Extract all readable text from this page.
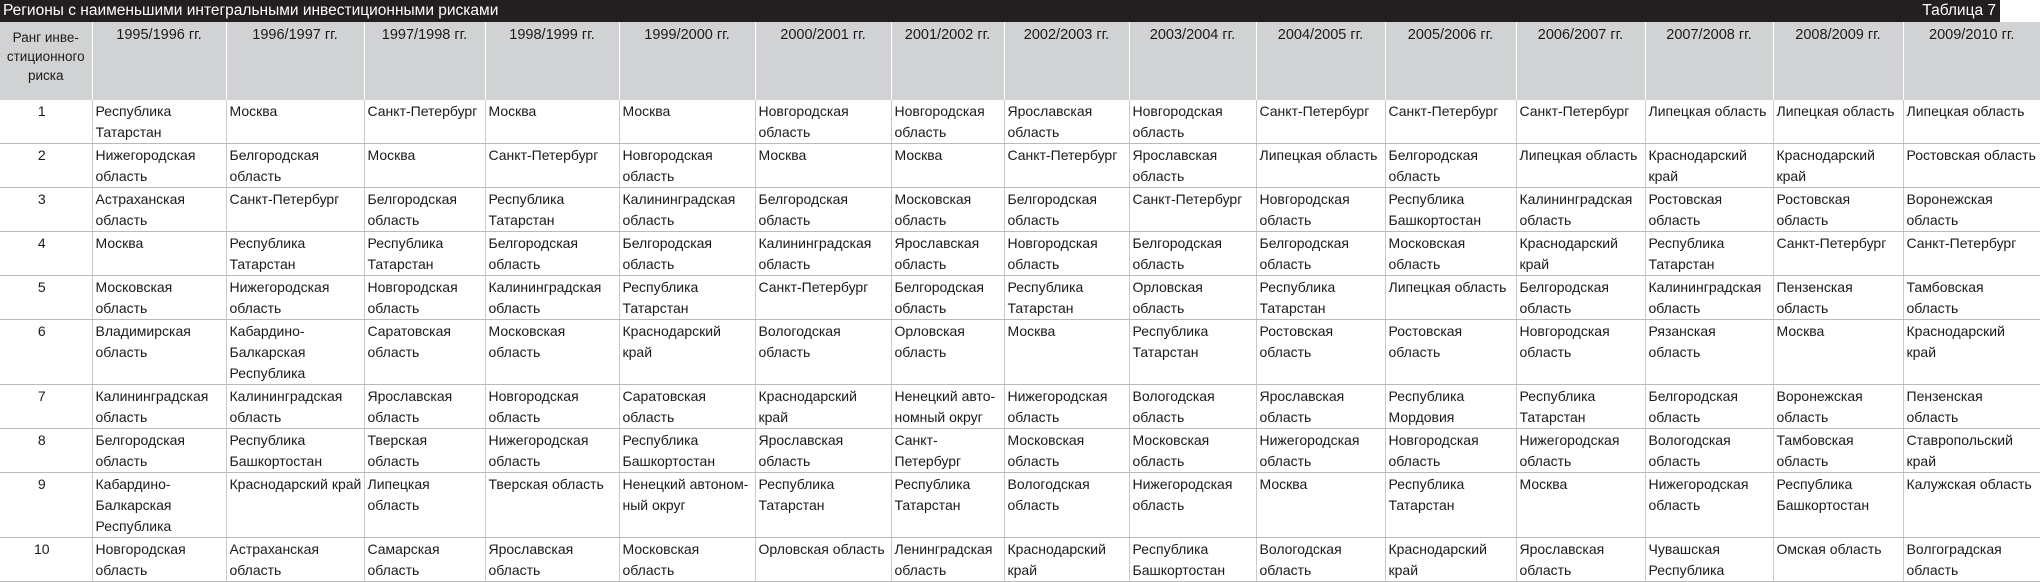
Регионы с наименьшими интегральными инвестиционными рисками	Таблица 7
Ранг инве-стиционного риска	1995/1996 гг.	1996/1997 гг.	1997/1998 гг.	1998/1999 гг.	1999/2000 гг.	2000/2001 гг.	2001/2002 гг.	2002/2003 гг.	2003/2004 гг.	2004/2005 гг.	2005/2006 гг.	2006/2007 гг.	2007/2008 гг.	2008/2009 гг.	2009/2010 гг.
1	Республика Татарстан	Москва	Санкт-Петербург	Москва	Москва	Новгородская область	Новгородская область	Ярославская область	Новгородская область	Санкт-Петербург	Санкт-Петербург	Санкт-Петербург	Липецкая область	Липецкая область	Липецкая область
2	Нижегородская область	Белгородская область	Москва	Санкт-Петербург	Новгородская область	Москва	Москва	Санкт-Петербург	Ярославская область	Липецкая область	Белгородская область	Липецкая область	Краснодарский край	Краснодарский край	Ростовская область
3	Астраханская область	Санкт-Петербург	Белгородская область	Республика Татарстан	Калининградская область	Белгородская область	Московская область	Белгородская область	Санкт-Петербург	Новгородская область	Республика Башкортостан	Калининградская область	Ростовская область	Ростовская область	Воронежская область
4	Москва	Республика Татарстан	Республика Татарстан	Белгородская область	Белгородская область	Калининградская область	Ярославская область	Новгородская область	Белгородская область	Белгородская область	Московская область	Краснодарский край	Республика Татарстан	Санкт-Петербург	Санкт-Петербург
5	Московская область	Нижегородская область	Новгородская область	Калининградская область	Республика Татарстан	Санкт-Петербург	Белгородская область	Республика Татарстан	Орловская область	Республика Татарстан	Липецкая область	Белгородская область	Калининградская область	Пензенская область	Тамбовская область
6	Владимирская область	Кабардино-Балкарская Республика	Саратовская область	Московская область	Краснодарский край	Вологодская область	Орловская область	Москва	Республика Татарстан	Ростовская область	Ростовская область	Новгородская область	Рязанская область	Москва	Краснодарский край
7	Калининградская область	Калининградская область	Ярославская область	Новгородская область	Саратовская область	Краснодарский край	Ненецкий авто-номный округ	Нижегородская область	Вологодская область	Ярославская область	Республика Мордовия	Республика Татарстан	Белгородская область	Воронежская область	Пензенская область
8	Белгородская область	Республика Башкортостан	Тверская область	Нижегородская область	Республика Башкортостан	Ярославская область	Санкт-Петербург	Московская область	Московская область	Нижегородская область	Новгородская область	Нижегородская область	Вологодская область	Тамбовская область	Ставропольский край
9	Кабардино-Балкарская Республика	Краснодарский край	Липецкая область	Тверская область	Ненецкий автоном-ный округ	Республика Татарстан	Республика Татарстан	Вологодская область	Нижегородская область	Москва	Республика Татарстан	Москва	Нижегородская область	Республика Башкортостан	Калужская область
10	Новгородская область	Астраханская область	Самарская область	Ярославская область	Московская область	Орловская область	Ленинградская область	Краснодарский край	Республика Башкортостан	Вологодская область	Краснодарский край	Ярославская область	Чувашская Республика	Омская область	Волгоградская область
